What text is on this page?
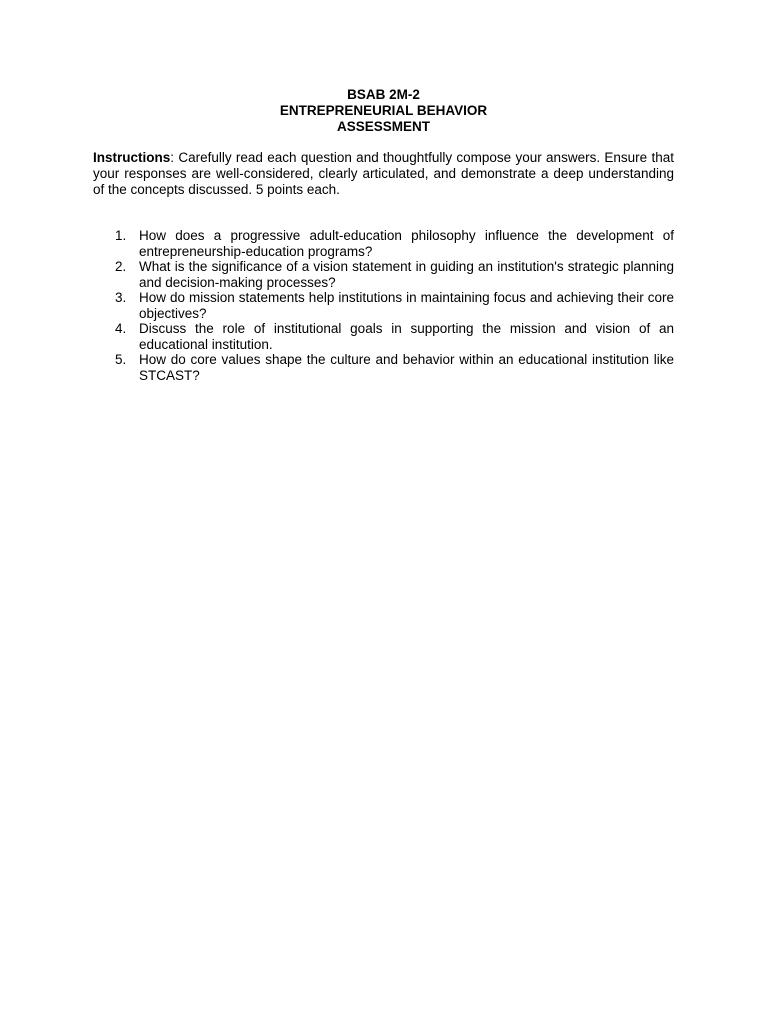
BSAB 2M-2
ENTREPRENEURIAL BEHAVIOR
ASSESSMENT

Instructions: Carefully read each question and thoughtfully compose your answers. Ensure that your responses are well-considered, clearly articulated, and demonstrate a deep understanding of the concepts discussed. 5 points each.

1. How does a progressive adult-education philosophy influence the development of entrepreneurship-education programs?
2. What is the significance of a vision statement in guiding an institution's strategic planning and decision-making processes?
3. How do mission statements help institutions in maintaining focus and achieving their core objectives?
4. Discuss the role of institutional goals in supporting the mission and vision of an educational institution.
5. How do core values shape the culture and behavior within an educational institution like STCAST?
